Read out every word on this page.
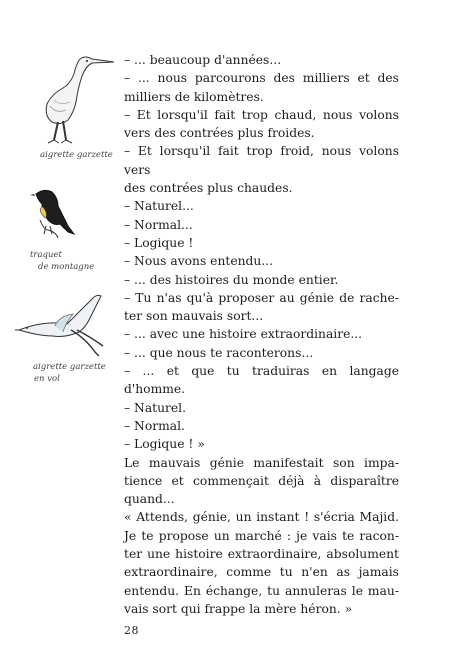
aigrette garzette
traquet
de montagne
aigrette garzette
en vol
– ... beaucoup d'années...
– ... nous parcourons des milliers et des
milliers de kilomètres.
– Et lorsqu'il fait trop chaud, nous volons
vers des contrées plus froides.
– Et lorsqu'il fait trop froid, nous volons vers
des contrées plus chaudes.
– Naturel...
– Normal...
– Logique !
– Nous avons entendu...
– ... des histoires du monde entier.
– Tu n'as qu'à proposer au génie de rache-
ter son mauvais sort...
– ... avec une histoire extraordinaire...
– ... que nous te raconterons...
– ... et que tu traduiras en langage
d'homme.
– Naturel.
– Normal.
– Logique ! »
Le mauvais génie manifestait son impa-
tience et commençait déjà à disparaître
quand...
« Attends, génie, un instant ! s'écria Majid.
Je te propose un marché : je vais te racon-
ter une histoire extraordinaire, absolument
extraordinaire, comme tu n'en as jamais
entendu. En échange, tu annuleras le mau-
vais sort qui frappe la mère héron. »
28
